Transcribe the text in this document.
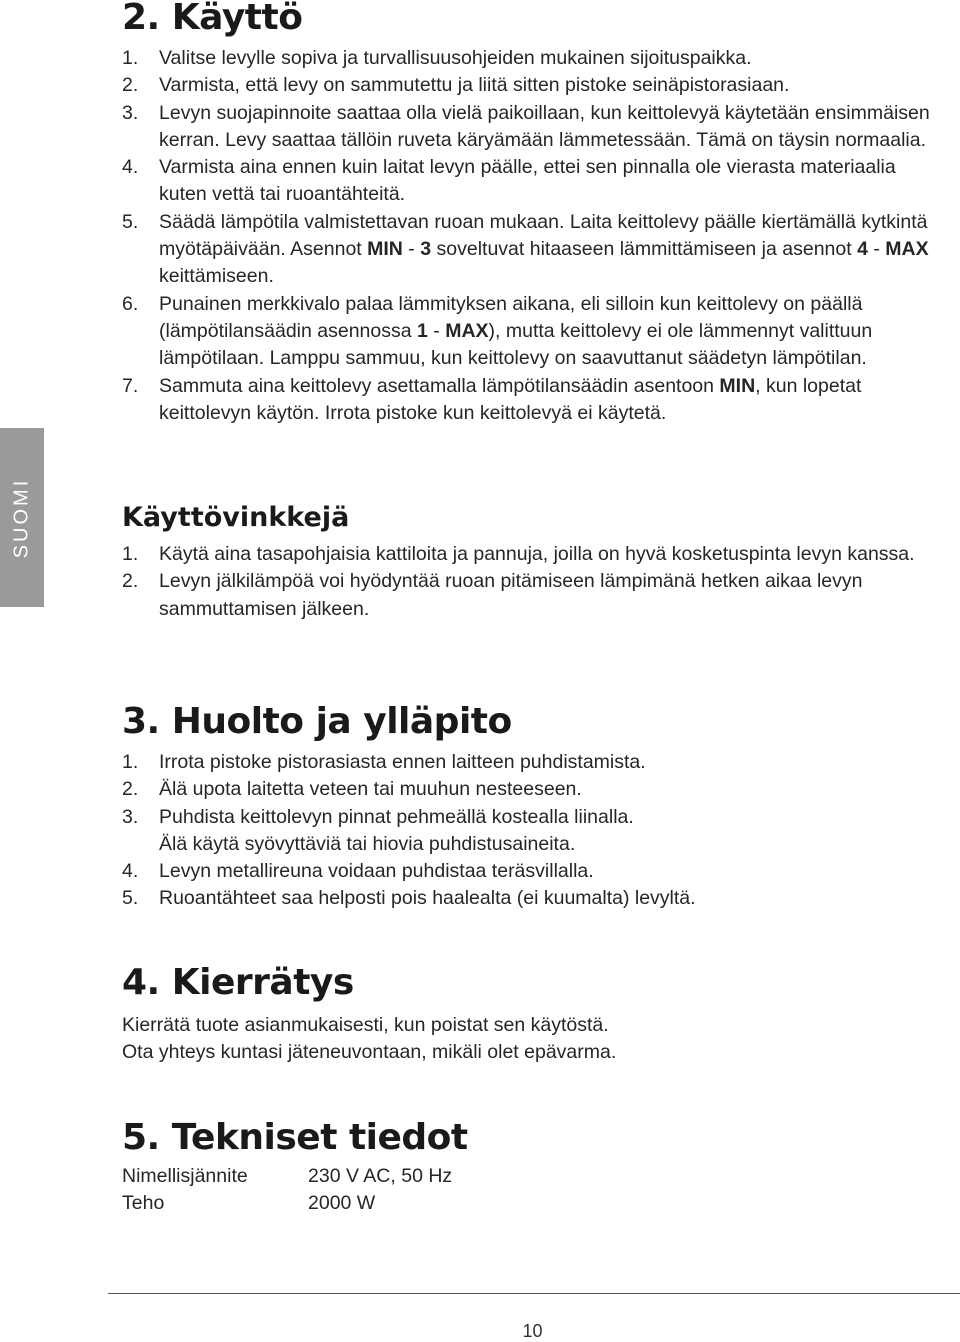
SUOMI
2. Käyttö
1. Valitse levylle sopiva ja turvallisuusohjeiden mukainen sijoituspaikka.
2. Varmista, että levy on sammutettu ja liitä sitten pistoke seinäpistorasiaan.
3. Levyn suojapinnoite saattaa olla vielä paikoillaan, kun keittolevyä käytetään ensimmäisen kerran. Levy saattaa tällöin ruveta käryämään lämmetessään. Tämä on täysin normaalia.
4. Varmista aina ennen kuin laitat levyn päälle, ettei sen pinnalla ole vierasta materiaalia kuten vettä tai ruoantähteitä.
5. Säädä lämpötila valmistettavan ruoan mukaan. Laita keittolevy päälle kiertämällä kytkintä myötäpäivään. Asennot MIN - 3 soveltuvat hitaaseen lämmittämiseen ja asennot 4 - MAX keittämiseen.
6. Punainen merkkivalo palaa lämmityksen aikana, eli silloin kun keittolevy on päällä (lämpötilansäädin asennossa 1 - MAX), mutta keittolevy ei ole lämmennyt valittuun lämpötilaan. Lamppu sammuu, kun keittolevy on saavuttanut säädetyn lämpötilan.
7. Sammuta aina keittolevy asettamalla lämpötilansäädin asentoon MIN, kun lopetat keittolevyn käytön. Irrota pistoke kun keittolevyä ei käytetä.
Käyttövinkkejä
1. Käytä aina tasapohjaisia kattiloita ja pannuja, joilla on hyvä kosketuspinta levyn kanssa.
2. Levyn jälkilämpöä voi hyödyntää ruoan pitämiseen lämpimänä hetken aikaa levyn sammuttamisen jälkeen.
3. Huolto ja ylläpito
1. Irrota pistoke pistorasiasta ennen laitteen puhdistamista.
2. Älä upota laitetta veteen tai muuhun nesteeseen.
3. Puhdista keittolevyn pinnat pehmeällä kostealla liinalla.
Älä käytä syövyttäviä tai hiovia puhdistusaineita.
4. Levyn metallireuna voidaan puhdistaa teräsvillalla.
5. Ruoantähteet saa helposti pois haalealta (ei kuumalta) levyltä.
4. Kierrätys

Kierrätä tuote asianmukaisesti, kun poistat sen käytöstä.

Ota yhteys kuntasi jäteneuvontaan, mikäli olet epävarma.

5. Tekniset tiedot
Nimellisjännite	230 V AC, 50 Hz
Teho	2000 W
10
